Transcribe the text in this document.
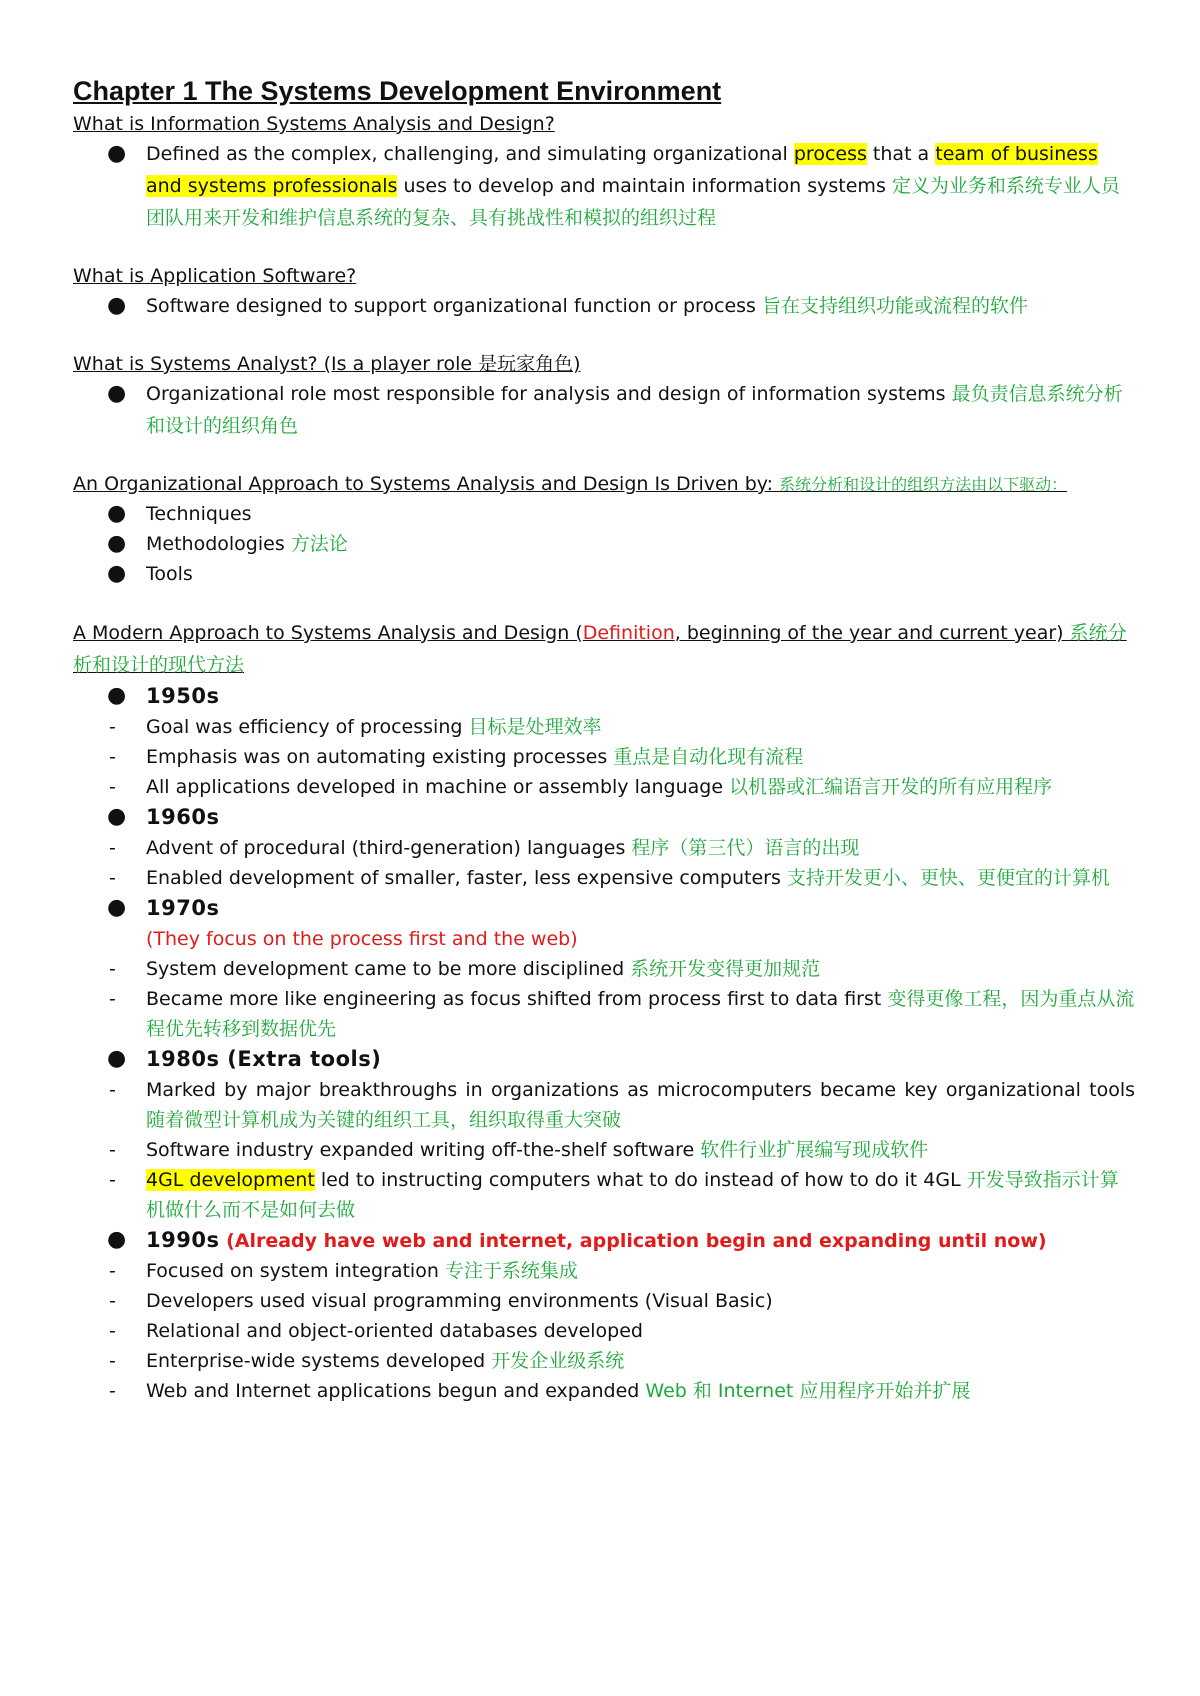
Chapter 1 The Systems Development Environment

What is Information Systems Analysis and Design?

● Defined as the complex, challenging, and simulating organizational process that a team of business and systems professionals uses to develop and maintain information systems 定义为业务和系统专业人员团队用来开发和维护信息系统的复杂、具有挑战性和模拟的组织过程

What is Application Software?

● Software designed to support organizational function or process 旨在支持组织功能或流程的软件

What is Systems Analyst? (Is a player role 是玩家角色)

● Organizational role most responsible for analysis and design of information systems 最负责信息系统分析和设计的组织角色

An Organizational Approach to Systems Analysis and Design Is Driven by: 系统分析和设计的组织方法由以下驱动：

● Techniques
● Methodologies 方法论
● Tools

A Modern Approach to Systems Analysis and Design (Definition, beginning of the year and current year) 系统分析和设计的现代方法

● 1950s
- Goal was efficiency of processing 目标是处理效率
- Emphasis was on automating existing processes 重点是自动化现有流程
- All applications developed in machine or assembly language 以机器或汇编语言开发的所有应用程序
● 1960s
- Advent of procedural (third-generation) languages 程序（第三代）语言的出现
- Enabled development of smaller, faster, less expensive computers 支持开发更小、更快、更便宜的计算机
● 1970s
(They focus on the process first and the web)
- System development came to be more disciplined 系统开发变得更加规范
- Became more like engineering as focus shifted from process first to data first 变得更像工程，因为重点从流程优先转移到数据优先
● 1980s (Extra tools)
- Marked by major breakthroughs in organizations as microcomputers became key organizational tools 随着微型计算机成为关键的组织工具，组织取得重大突破
- Software industry expanded writing off-the-shelf software 软件行业扩展编写现成软件
- 4GL development led to instructing computers what to do instead of how to do it 4GL 开发导致指示计算机做什么而不是如何去做
● 1990s (Already have web and internet, application begin and expanding until now)
- Focused on system integration 专注于系统集成
- Developers used visual programming environments (Visual Basic)
- Relational and object-oriented databases developed
- Enterprise-wide systems developed 开发企业级系统
- Web and Internet applications begun and expanded Web 和 Internet 应用程序开始并扩展
